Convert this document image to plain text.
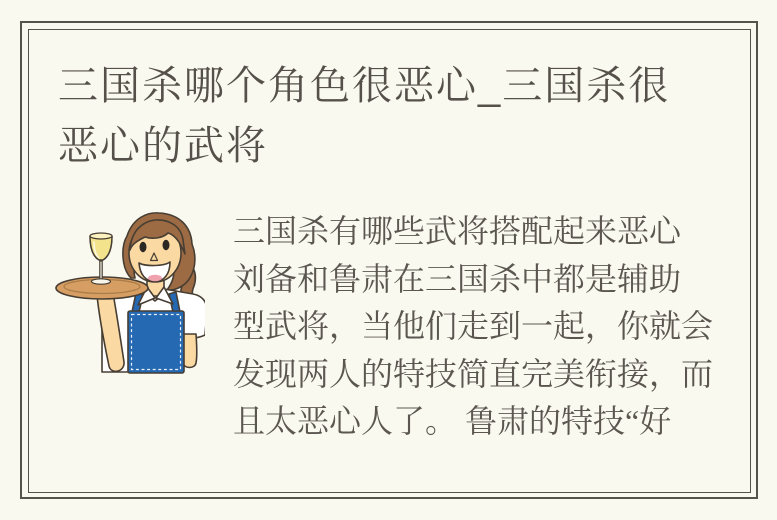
三国杀哪个角色很恶心_三国杀很
恶心的武将
三国杀有哪些武将搭配起来恶心
刘备和鲁肃在三国杀中都是辅助
型武将，当他们走到一起，你就会
发现两人的特技简直完美衔接，而
且太恶心人了。 鲁肃的特技“好
